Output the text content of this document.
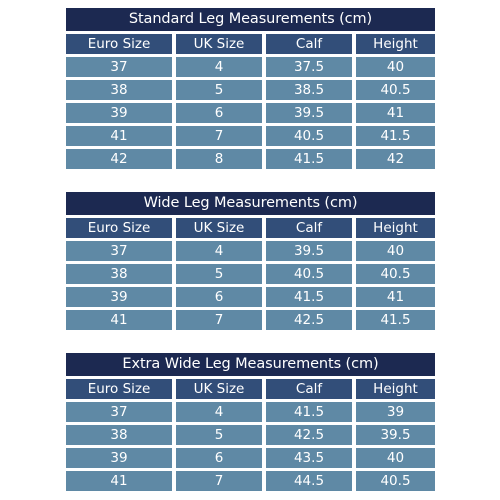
Standard Leg Measurements (cm)
Euro Size	UK Size	Calf	Height
37	4	37.5	40
38	5	38.5	40.5
39	6	39.5	41
41	7	40.5	41.5
42	8	41.5	42
Wide Leg Measurements (cm)
Euro Size	UK Size	Calf	Height
37	4	39.5	40
38	5	40.5	40.5
39	6	41.5	41
41	7	42.5	41.5
Extra Wide Leg Measurements (cm)
Euro Size	UK Size	Calf	Height
37	4	41.5	39
38	5	42.5	39.5
39	6	43.5	40
41	7	44.5	40.5
